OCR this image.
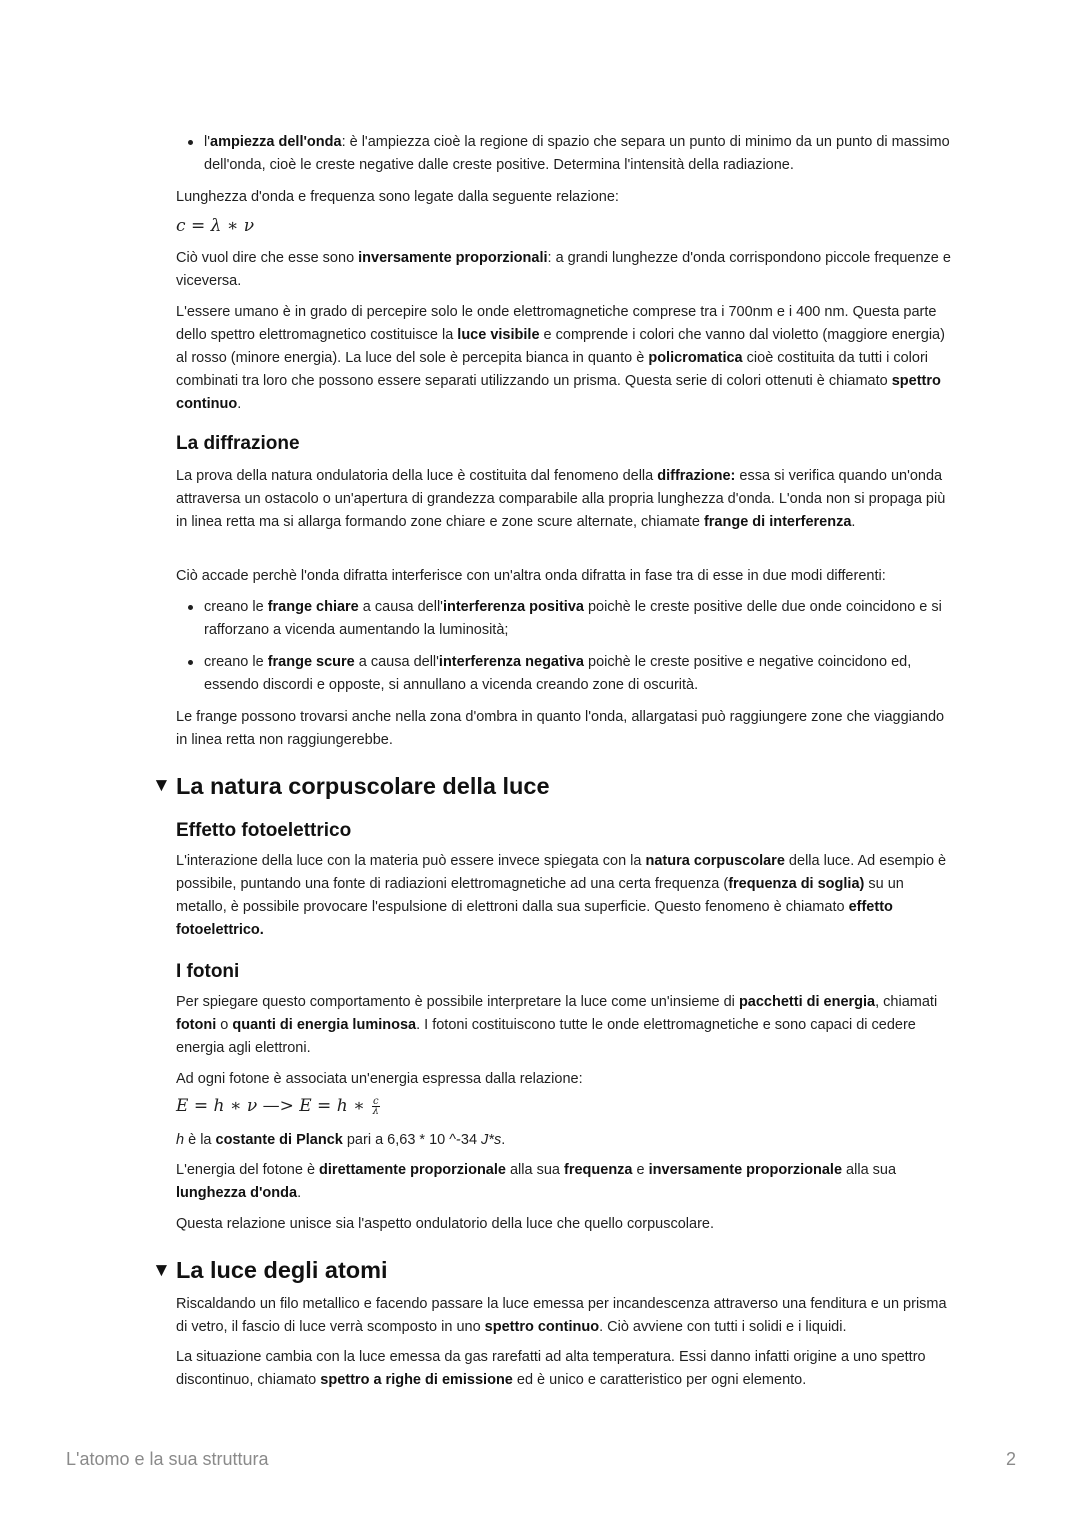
l'ampiezza dell'onda: è l'ampiezza cioè la regione di spazio che separa un punto di minimo da un punto di massimo dell'onda, cioè le creste negative dalle creste positive. Determina l'intensità della radiazione.

Lunghezza d'onda e frequenza sono legate dalla seguente relazione:

c = λ ∗ ν

Ciò vuol dire che esse sono inversamente proporzionali: a grandi lunghezze d'onda corrispondono piccole frequenze e viceversa.

L'essere umano è in grado di percepire solo le onde elettromagnetiche comprese tra i 700nm e i 400 nm. Questa parte dello spettro elettromagnetico costituisce la luce visibile e comprende i colori che vanno dal violetto (maggiore energia) al rosso (minore energia). La luce del sole è percepita bianca in quanto è policromatica cioè costituita da tutti i colori combinati tra loro che possono essere separati utilizzando un prisma. Questa serie di colori ottenuti è chiamato spettro continuo.

La diffrazione

La prova della natura ondulatoria della luce è costituita dal fenomeno della diffrazione: essa si verifica quando un'onda attraversa un ostacolo o un'apertura di grandezza comparabile alla propria lunghezza d'onda. L'onda non si propaga più in linea retta ma si allarga formando zone chiare e zone scure alternate, chiamate frange di interferenza.

Ciò accade perchè l'onda difratta interferisce con un'altra onda difratta in fase tra di esse in due modi differenti:

creano le frange chiare a causa dell'interferenza positiva poichè le creste positive delle due onde coincidono e si rafforzano a vicenda aumentando la luminosità;
creano le frange scure a causa dell'interferenza negativa poichè le creste positive e negative coincidono ed, essendo discordi e opposte, si annullano a vicenda creando zone di oscurità.

Le frange possono trovarsi anche nella zona d'ombra in quanto l'onda, allargatasi può raggiungere zone che viaggiando in linea retta non raggiungerebbe.

▼ La natura corpuscolare della luce
Effetto fotoelettrico

L'interazione della luce con la materia può essere invece spiegata con la natura corpuscolare della luce. Ad esempio è possibile, puntando una fonte di radiazioni elettromagnetiche ad una certa frequenza (frequenza di soglia) su un metallo, è possibile provocare l'espulsione di elettroni dalla sua superficie. Questo fenomeno è chiamato effetto fotoelettrico.

I fotoni

Per spiegare questo comportamento è possibile interpretare la luce come un'insieme di pacchetti di energia, chiamati fotoni o quanti di energia luminosa. I fotoni costituiscono tutte le onde elettromagnetiche e sono capaci di cedere energia agli elettroni.

Ad ogni fotone è associata un'energia espressa dalla relazione:

E = h ∗ ν —> E = h ∗ $\frac{c}{\lambda}$

h è la costante di Planck pari a 6,63 * 10 ^-34 J*s.

L'energia del fotone è direttamente proporzionale alla sua frequenza e inversamente proporzionale alla sua lunghezza d'onda.

Questa relazione unisce sia l'aspetto ondulatorio della luce che quello corpuscolare.

▼ La luce degli atomi

Riscaldando un filo metallico e facendo passare la luce emessa per incandescenza attraverso una fenditura e un prisma di vetro, il fascio di luce verrà scomposto in uno spettro continuo. Ciò avviene con tutti i solidi e i liquidi.

La situazione cambia con la luce emessa da gas rarefatti ad alta temperatura. Essi danno infatti origine a uno spettro discontinuo, chiamato spettro a righe di emissione ed è unico e caratteristico per ogni elemento.

L'atomo e la sua struttura	2
